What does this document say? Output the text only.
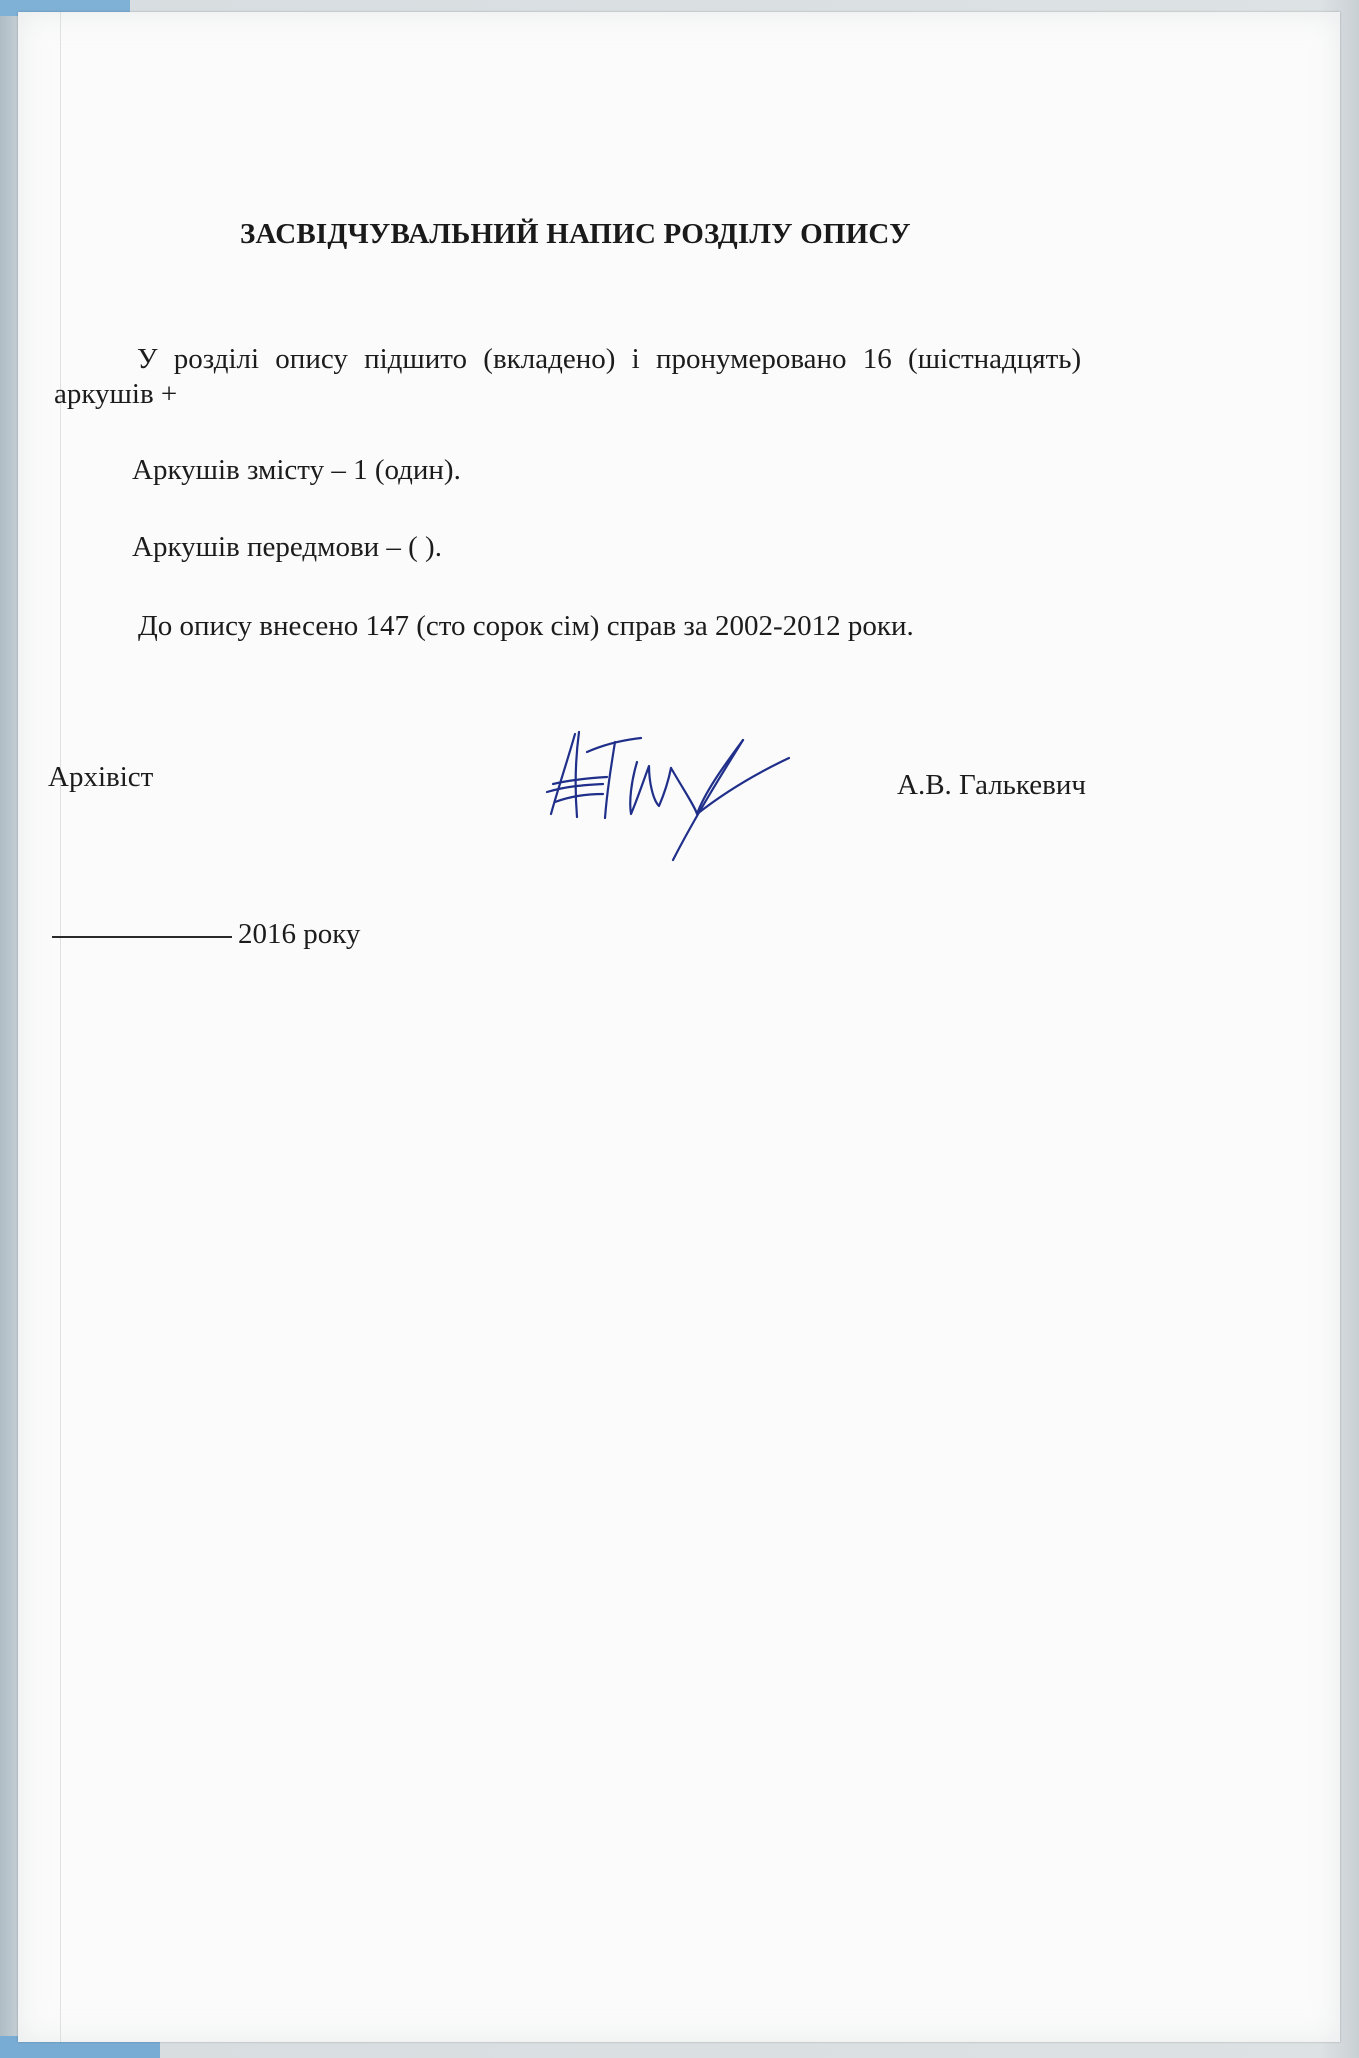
ЗАСВІДЧУВАЛЬНИЙ НАПИС РОЗДІЛУ ОПИСУ
У розділі опису підшито (вкладено) і пронумеровано 16 (шістнадцять)
аркушів +
Аркушів змісту – 1 (один).
Аркушів передмови – ( ).
До опису внесено 147 (сто сорок сім) справ за 2002-2012 роки.
Архівіст	А.В. Галькевич
2016 року
